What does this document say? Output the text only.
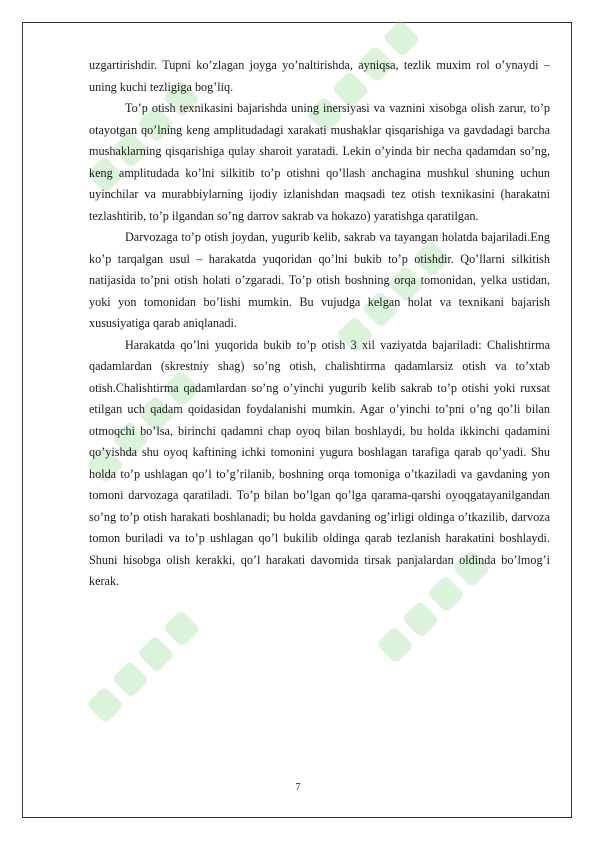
uzgartirishdir. Tupni ko’zlagan joyga yo’naltirishda, ayniqsa, tezlik muxim rol o’ynaydi – uning kuchi tezligiga bog’liq.

To’p otish texnikasini bajarishda uning inersiyasi va vaznini xisobga olish zarur, to’p otayotgan qo’lning keng amplitudadagi xarakati mushaklar qisqarishiga va gavdadagi barcha mushaklarning qisqarishiga qulay sharoit yaratadi. Lekin o’yinda bir necha qadamdan so’ng, keng amplitudada ko’lni silkitib to’p otishni qo’llash anchagina mushkul shuning uchun uyinchilar va murabbiylarning ijodiy izlanishdan maqsadi tez otish texnikasini (harakatni tezlashtirib, to’p ilgandan so’ng darrov sakrab va hokazo) yaratishga qaratilgan.

Darvozaga to’p otish joydan, yugurib kelib, sakrab va tayangan holatda bajariladi.Eng ko’p tarqalgan usul – harakatda yuqoridan qo’lni bukib to’p otishdir. Qo’llarni silkitish natijasida to’pni otish holati o’zgaradi. To’p otish boshning orqa tomonidan, yelka ustidan, yoki yon tomonidan bo’lishi mumkin. Bu vujudga kelgan holat va texnikani bajarish xususiyatiga qarab aniqlanadi.

Harakatda qo’lni yuqorida bukib to’p otish 3 xil vaziyatda bajariladi: Chalishtirma qadamlardan (skrestniy shag) so’ng otish, chalishtirma qadamlarsiz otish va to’xtab otish.Chalishtirma qadamlardan so’ng o’yinchi yugurib kelib sakrab to’p otishi yoki ruxsat etilgan uch qadam qoidasidan foydalanishi mumkin. Agar o’yinchi to’pni o’ng qo’li bilan otmoqchi bo’lsa, birinchi qadamni chap oyoq bilan boshlaydi, bu holda ikkinchi qadamini qo’yishda shu oyoq kaftining ichki tomonini yugura boshlagan tarafiga qarab qo’yadi. Shu holda to’p ushlagan qo’l to’g’rilanib, boshning orqa tomoniga o’tkaziladi va gavdaning yon tomoni darvozaga qaratiladi. To’p bilan bo’lgan qo’lga qarama-qarshi oyoqgatayanilgandan so’ng to’p otish harakati boshlanadi; bu holda gavdaning og’irligi oldinga o’tkazilib, darvoza tomon buriladi va to’p ushlagan qo’l bukilib oldinga qarab tezlanish harakatini boshlaydi. Shuni hisobga olish kerakki, qo’l harakati davomida tirsak panjalardan oldinda bo’lmog’i kerak.

7
